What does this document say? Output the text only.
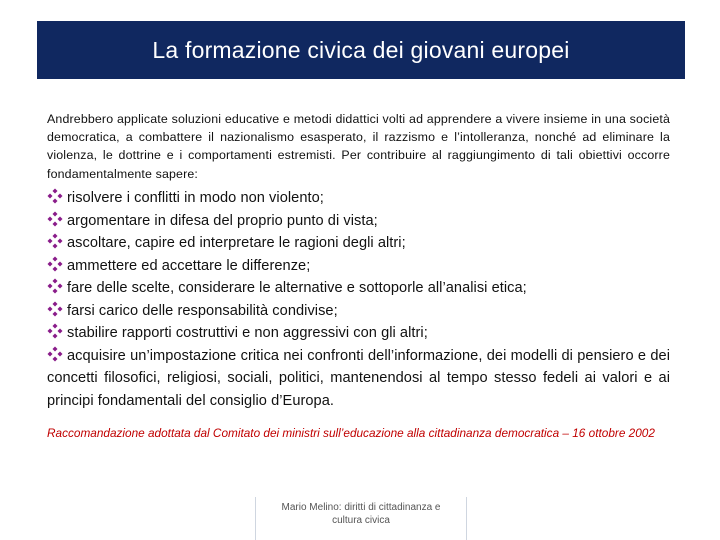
La formazione civica dei giovani europei
Andrebbero applicate soluzioni educative e metodi didattici volti ad apprendere a vivere insieme in una società democratica, a combattere il nazionalismo esasperato, il razzismo e l’intolleranza, nonché ad eliminare la violenza, le dottrine e i comportamenti estremisti. Per contribuire al raggiungimento di tali obiettivi occorre fondamentalmente sapere:
risolvere i conflitti in modo non violento;
argomentare in difesa del proprio punto di vista;
ascoltare, capire ed interpretare le ragioni degli altri;
ammettere ed accettare le differenze;
fare delle scelte, considerare le alternative e sottoporle all’analisi etica;
farsi carico delle responsabilità condivise;
stabilire rapporti costruttivi e non aggressivi con gli altri;
acquisire un’impostazione critica nei confronti dell’informazione, dei modelli di pensiero e dei concetti filosofici, religiosi, sociali, politici, mantenendosi al tempo stesso fedeli ai valori e ai principi fondamentali del consiglio d’Europa.
Raccomandazione adottata dal Comitato dei ministri sull’educazione alla cittadinanza democratica – 16 ottobre 2002
Mario Melino: diritti di cittadinanza e
cultura civica
